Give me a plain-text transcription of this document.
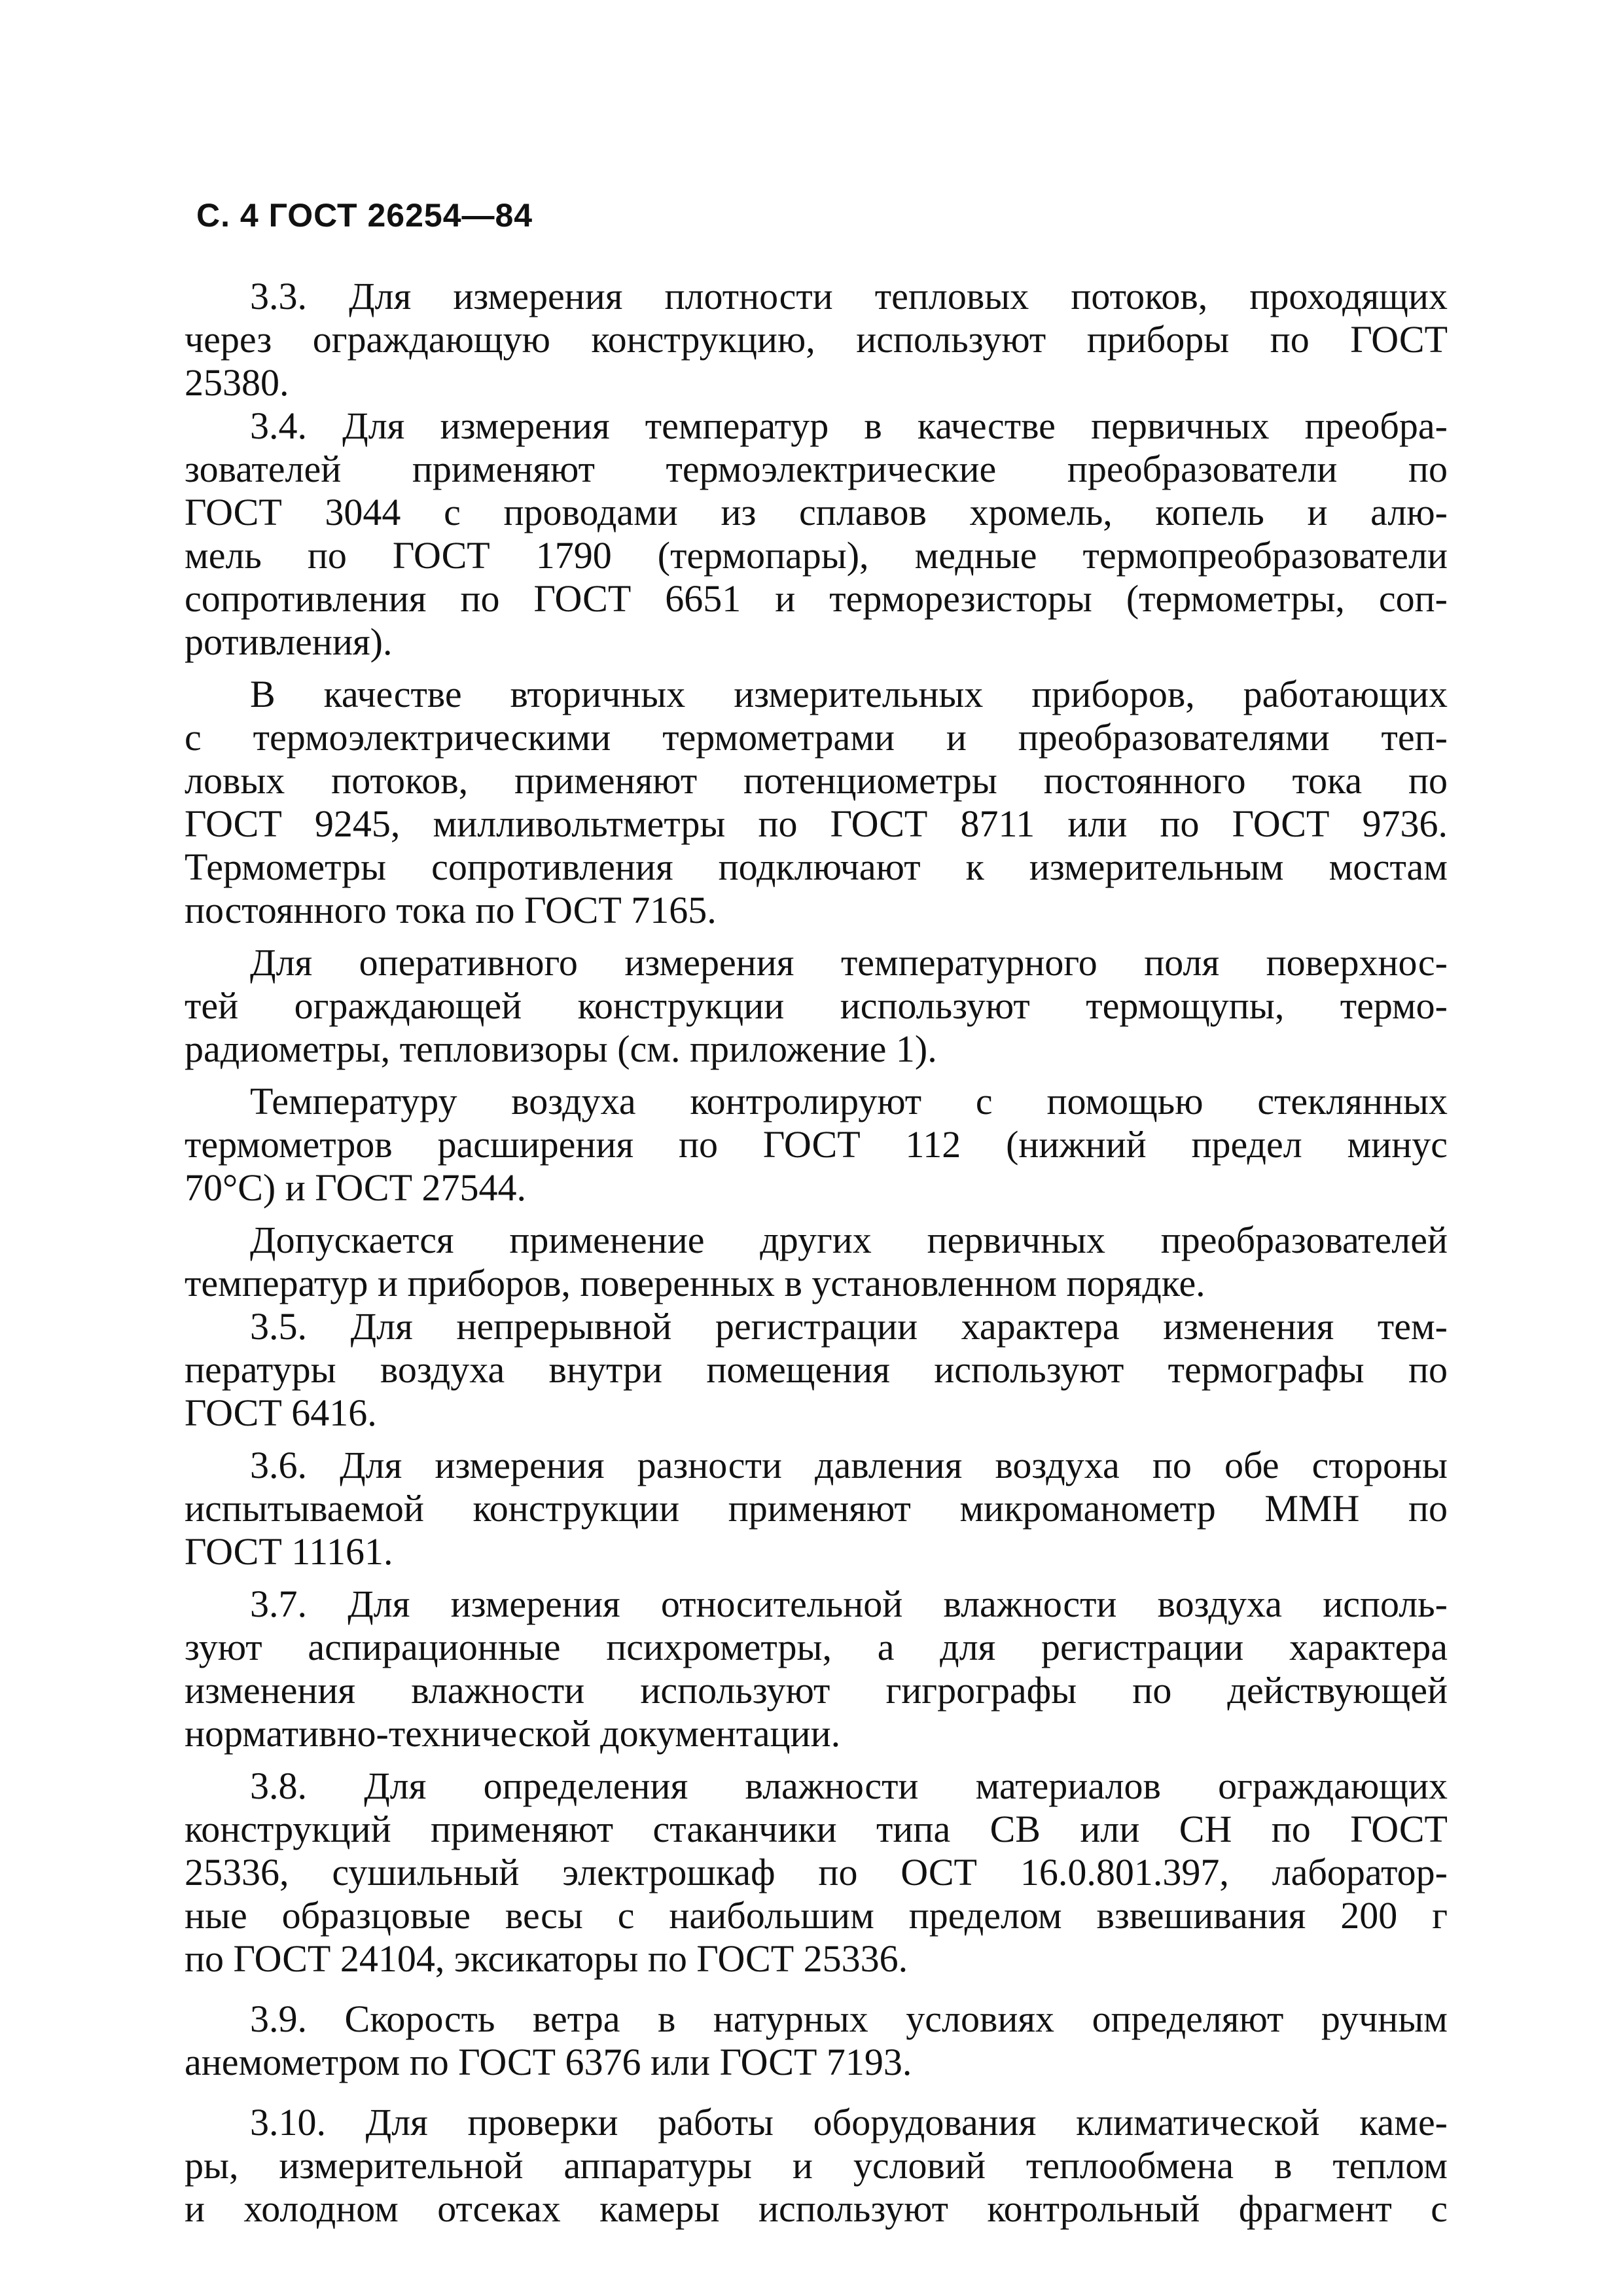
С. 4 ГОСТ 26254—84
3.3. Для измерения плотности тепловых потоков, проходящих
через ограждающую конструкцию, используют приборы по ГОСТ
25380.
3.4. Для измерения температур в качестве первичных преобра-
зователей применяют термоэлектрические преобразователи по
ГОСТ 3044 с проводами из сплавов хромель, копель и алю-
мель по ГОСТ 1790 (термопары), медные термопреобразователи
сопротивления по ГОСТ 6651 и терморезисторы (термометры, соп-
ротивления).
В качестве вторичных измерительных приборов, работающих
с термоэлектрическими термометрами и преобразователями теп-
ловых потоков, применяют потенциометры постоянного тока по
ГОСТ 9245, милливольтметры по ГОСТ 8711 или по ГОСТ 9736.
Термометры сопротивления подключают к измерительным мостам
постоянного тока по ГОСТ 7165.
Для оперативного измерения температурного поля поверхнос-
тей ограждающей конструкции используют термощупы, термо-
радиометры, тепловизоры (см. приложение 1).
Температуру воздуха контролируют с помощью стеклянных
термометров расширения по ГОСТ 112 (нижний предел минус
70°С) и ГОСТ 27544.
Допускается применение других первичных преобразователей
температур и приборов, поверенных в установленном порядке.
3.5. Для непрерывной регистрации характера изменения тем-
пературы воздуха внутри помещения используют термографы по
ГОСТ 6416.
3.6. Для измерения разности давления воздуха по обе стороны
испытываемой конструкции применяют микроманометр ММН по
ГОСТ 11161.
3.7. Для измерения относительной влажности воздуха исполь-
зуют аспирационные психрометры, а для регистрации характера
изменения влажности используют гигрографы по действующей
нормативно-технической документации.
3.8. Для определения влажности материалов ограждающих
конструкций применяют стаканчики типа СВ или СН по ГОСТ
25336, сушильный электрошкаф по ОСТ 16.0.801.397, лаборатор-
ные образцовые весы с наибольшим пределом взвешивания 200 г
по ГОСТ 24104, эксикаторы по ГОСТ 25336.
3.9. Скорость ветра в натурных условиях определяют ручным
анемометром по ГОСТ 6376 или ГОСТ 7193.
3.10. Для проверки работы оборудования климатической каме-
ры, измерительной аппаратуры и условий теплообмена в теплом
и холодном отсеках камеры используют контрольный фрагмент с
